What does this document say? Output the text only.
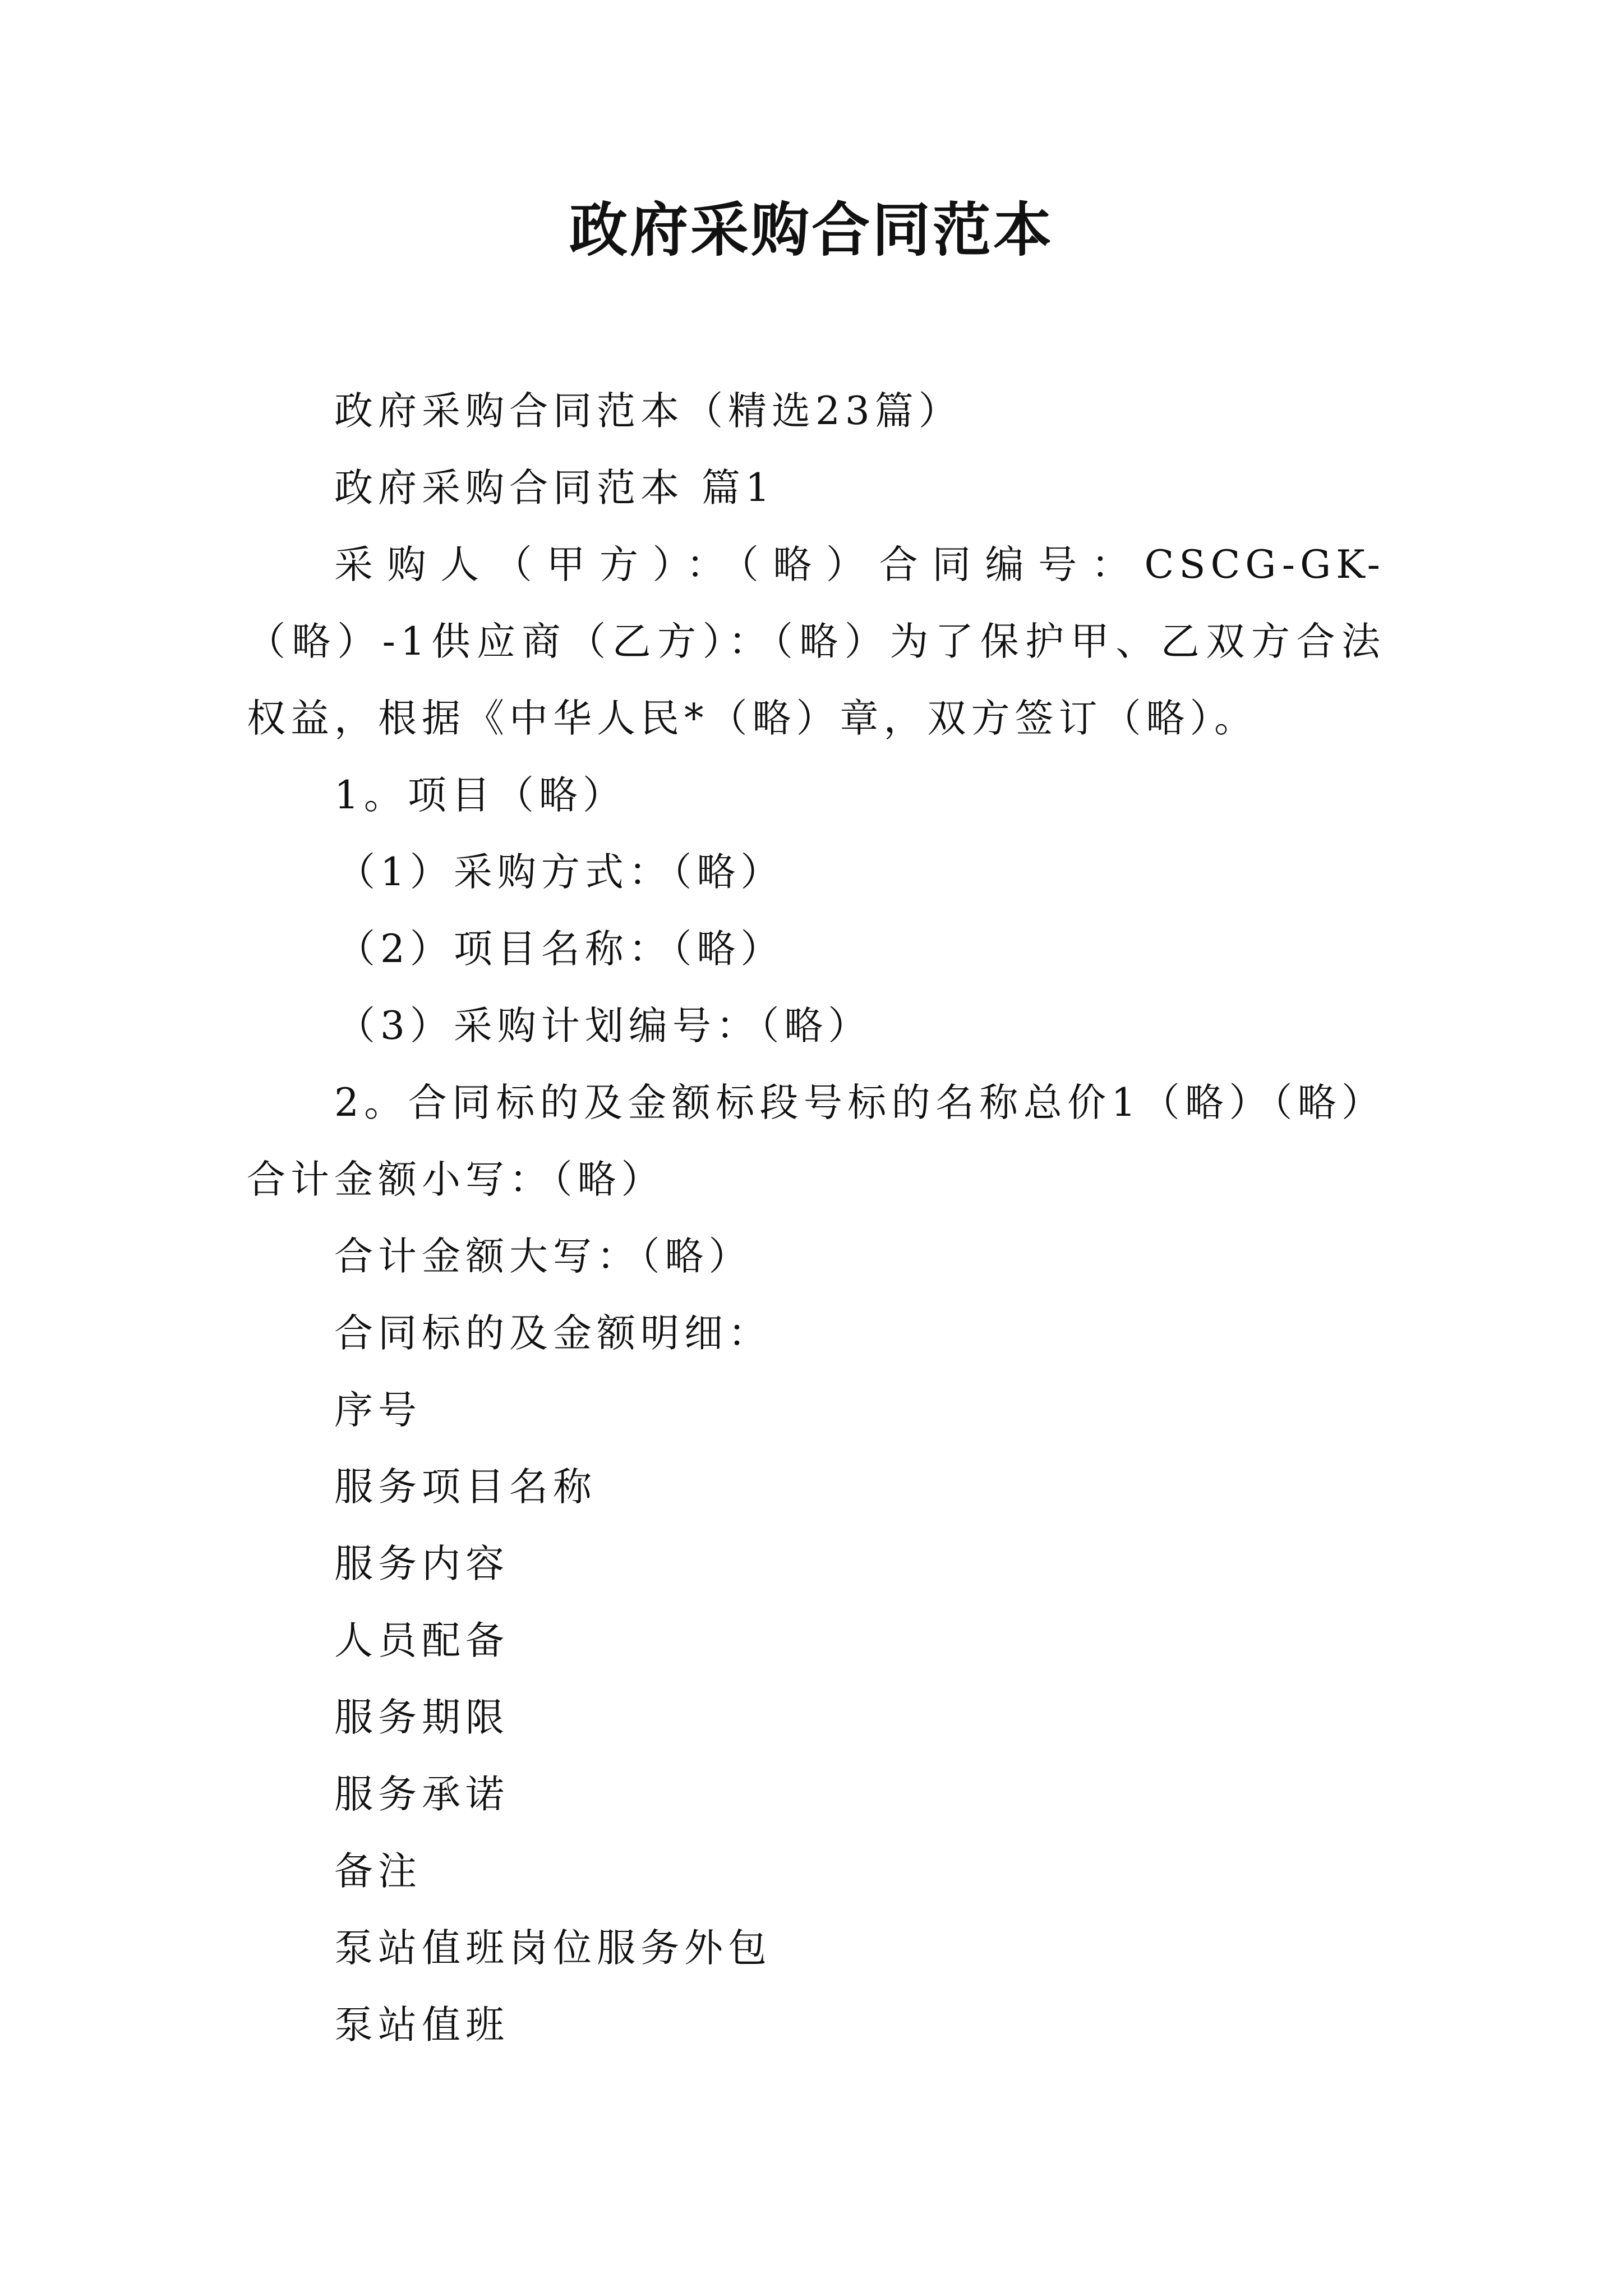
政府采购合同范本

政府采购合同范本（精选23篇）

政府采购合同范本 篇1

采购人（甲方）：（略）合同编号：CSCG-GK-（略）-1供应商（乙方）：（略）为了保护甲、乙双方合法权益，根据《中华人民*（略）章，双方签订（略）。

1。项目（略）

（1）采购方式：（略）

（2）项目名称：（略）

（3）采购计划编号：（略）

2。合同标的及金额标段号标的名称总价1（略）（略）合计金额小写：（略）

合计金额大写：（略）

合同标的及金额明细：

序号

服务项目名称

服务内容

人员配备

服务期限

服务承诺

备注

泵站值班岗位服务外包

泵站值班
